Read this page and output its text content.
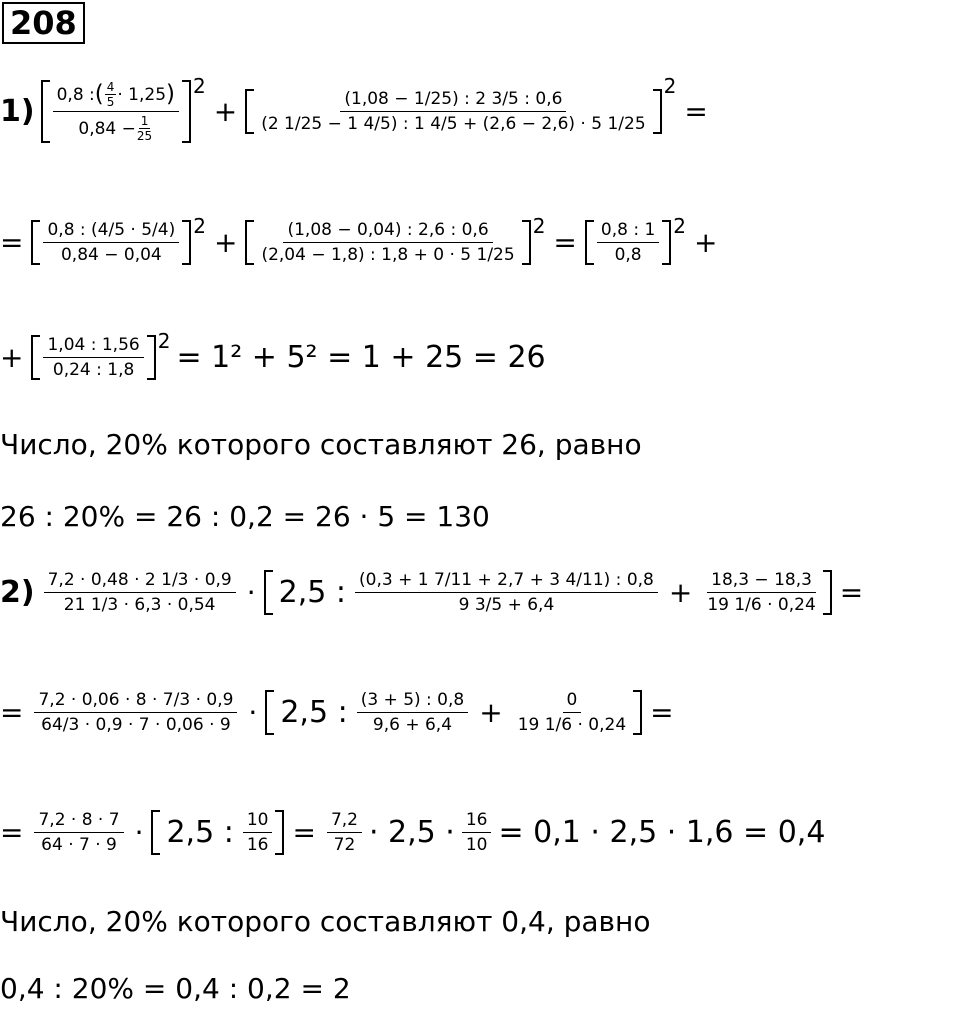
208
1) 0,8 : ( 4
5 · 1,25 )
$0,84 - \frac{1}{25} 2$
+ $\frac{(1,08 - 1/25) : 2 3/5 : 0,6}{(2 1/25 - 1 4/5) : 1 4/5 + (2,6 - 2,6) \cdot 5 1/25}$
2
=
= $\frac{0,8 : (4/5 \cdot 5/4)}{0,84 - 0,04} 2 + \frac{(1,08 - 0,04) : 2,6 : 0,6}{(2,04 - 1,8) : 1,8 + 0 \cdot 5 1/25} 2 = \frac{0,8 : 1}{0,8} 2$ +
+ $\frac{1,04 : 1,56}{0,24 : 1,8} 2 = 1^2 + 5^2 = 1 + 25 = 26$
Число, 20% которого составляют 26, равно
26 : 20% = 26 : 0,2 = 26 · 5 = 130
$2) \frac{7,2 \cdot 0,48 \cdot 2 1/3 \cdot 0,9}{21 1/3 \cdot 6,3 \cdot 0,54} \cdot 2,5$ : $\frac{(0,3 + 1 7/11 + 2,7 + 3 4/11) : 0,8}{9 3/5 + 6,4} + \frac{18,3 - 18,3}{19 1/6 \cdot 0,24}$ =
= $\frac{7,2 \cdot 0,06 \cdot 8 \cdot 7/3 \cdot 0,9}{64/3 \cdot 0,9 \cdot 7 \cdot 0,06 \cdot 9} \cdot 2,5$ : $\frac{(3 + 5) : 0,8}{9,6 + 6,4} + \frac{0}{19 1/6 \cdot 0,24}$ =
= $\frac{7,2 \cdot 8 \cdot 7}{64 \cdot 7 \cdot 9} \cdot 2,5$ : $\frac{10}{16} = \frac{7,2}{72} \cdot 2,5 \cdot \frac{16}{10} = 0,1 \cdot 2,5 \cdot 1,6 = 0,4$
Число, 20% которого составляют 0,4, равно
0,4 : 20% = 0,4 : 0,2 = 2
